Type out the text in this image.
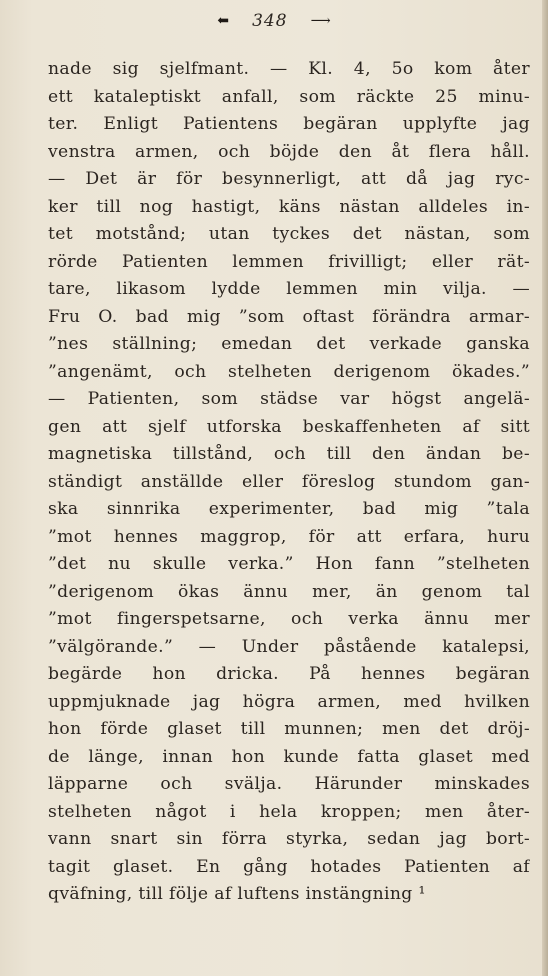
⬅ 348 ⟶
nade sig sjelfmant. — Kl. 4, 5o kom åter
ett kataleptiskt anfall, som räckte 25 minu-
ter. Enligt Patientens begäran upplyfte jag
venstra armen, och böjde den åt flera håll.
— Det är för besynnerligt, att då jag ryc-
ker till nog hastigt, käns nästan alldeles in-
tet motstånd; utan tyckes det nästan, som
rörde Patienten lemmen frivilligt; eller rät-
tare, likasom lydde lemmen min vilja. —
Fru O. bad mig ”som oftast förändra armar-
”nes ställning; emedan det verkade ganska
”angenämt, och stelheten derigenom ökades.”
— Patienten, som städse var högst angelä-
gen att sjelf utforska beskaffenheten af sitt
magnetiska tillstånd, och till den ändan be-
ständigt anställde eller föreslog stundom gan-
ska sinnrika experimenter, bad mig ”tala
”mot hennes maggrop, för att erfara, huru
”det nu skulle verka.” Hon fann ”stelheten
”derigenom ökas ännu mer, än genom tal
”mot fingerspetsarne, och verka ännu mer
”välgörande.” — Under påstående katalepsi,
begärde hon dricka. På hennes begäran
uppmjuknade jag högra armen, med hvilken
hon förde glaset till munnen; men det dröj-
de länge, innan hon kunde fatta glaset med
läpparne och svälja. Härunder minskades
stelheten något i hela kroppen; men åter-
vann snart sin förra styrka, sedan jag bort-
tagit glaset. En gång hotades Patienten af
qväfning, till följe af luftens instängning ¹
